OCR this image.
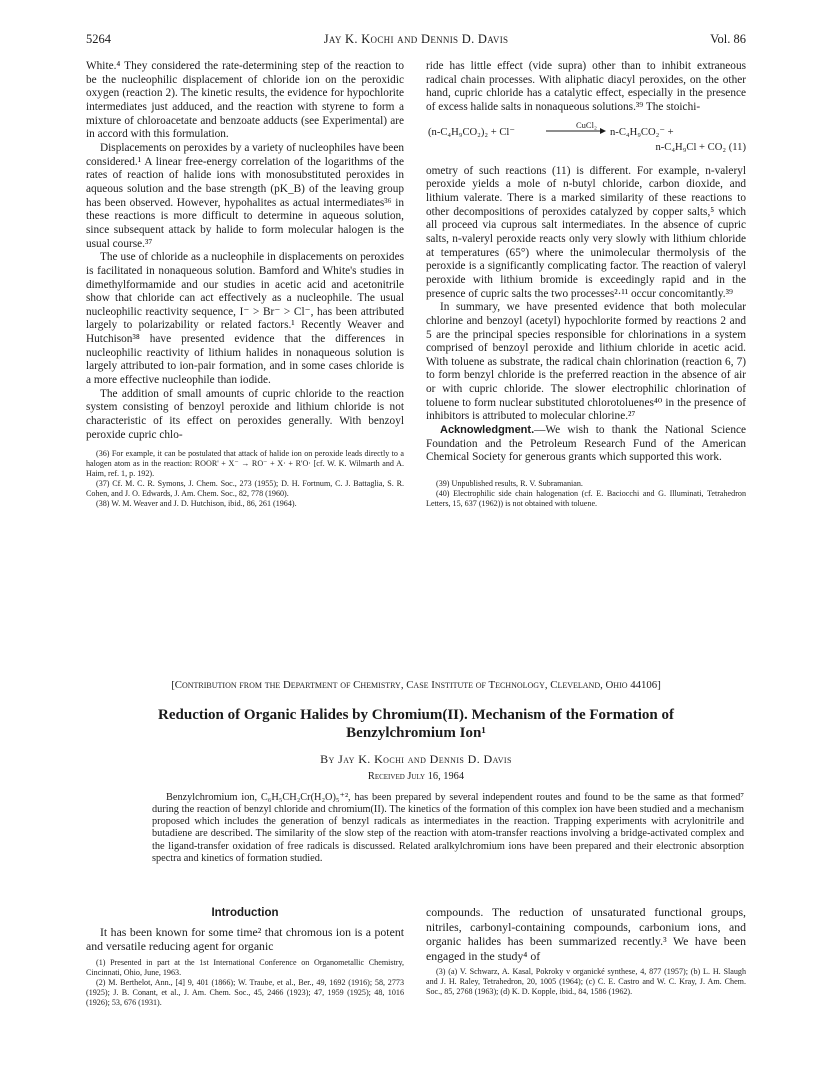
5264	Jay K. Kochi and Dennis D. Davis	Vol. 86

White.⁴ They considered the rate-determining step of the reaction to be the nucleophilic displacement of chloride ion on the peroxidic oxygen (reaction 2). The kinetic results, the evidence for hypochlorite intermediates just adduced, and the reaction with styrene to form a mixture of chloroacetate and benzoate adducts (see Experimental) are in accord with this formulation.

Displacements on peroxides by a variety of nucleophiles have been considered.¹ A linear free-energy correlation of the logarithms of the rates of reaction of halide ions with monosubstituted peroxides in aqueous solution and the base strength (pK_B) of the leaving group has been observed. However, hypohalites as actual intermediates³⁶ in these reactions is more difficult to determine in aqueous solution, since subsequent attack by halide to form molecular halogen is the usual course.³⁷

The use of chloride as a nucleophile in displacements on peroxides is facilitated in nonaqueous solution. Bamford and White's studies in dimethylformamide and our studies in acetic acid and acetonitrile show that chloride can act effectively as a nucleophile. The usual nucleophilic reactivity sequence, I⁻ > Br⁻ > Cl⁻, has been attributed largely to polarizability or related factors.¹ Recently Weaver and Hutchison³⁸ have presented evidence that the differences in nucleophilic reactivity of lithium halides in nonaqueous solution is largely attributed to ion-pair formation, and in some cases chloride is a more effective nucleophile than iodide.

The addition of small amounts of cupric chloride to the reaction system consisting of benzoyl peroxide and lithium chloride is not characteristic of its effect on peroxides generally. With benzoyl peroxide cupric chlo-

(36) For example, it can be postulated that attack of halide ion on peroxide leads directly to a halogen atom as in the reaction: ROOR' + X⁻ → RO⁻ + X· + R'O· [cf. W. K. Wilmarth and A. Haim, ref. 1, p. 192).
(37) Cf. M. C. R. Symons, J. Chem. Soc., 273 (1955); D. H. Fortnum, C. J. Battaglia, S. R. Cohen, and J. O. Edwards, J. Am. Chem. Soc., 82, 778 (1960).
(38) W. M. Weaver and J. D. Hutchison, ibid., 86, 261 (1964).

ride has little effect (vide supra) other than to inhibit extraneous radical chain processes. With aliphatic diacyl peroxides, on the other hand, cupric chloride has a catalytic effect, especially in the presence of excess halide salts in nonaqueous solutions.³⁹ The stoichi-

CuCl₂
(n-C₄H₉CO₂)₂ + Cl⁻	n-C₄H₉CO₂⁻ +
n-C₄H₉Cl + CO₂ (11)

ometry of such reactions (11) is different. For example, n-valeryl peroxide yields a mole of n-butyl chloride, carbon dioxide, and lithium valerate. There is a marked similarity of these reactions to other decompositions of peroxides catalyzed by copper salts,⁵ which all proceed via cuprous salt intermediates. In the absence of cupric salts, n-valeryl peroxide reacts only very slowly with lithium chloride at temperatures (65°) where the unimolecular thermolysis of the peroxide is a significantly complicating factor. The reaction of valeryl peroxide with lithium bromide is exceedingly rapid and in the presence of cupric salts the two processes²·¹¹ occur concomitantly.³⁹

In summary, we have presented evidence that both molecular chlorine and benzoyl (acetyl) hypochlorite formed by reactions 2 and 5 are the principal species responsible for chlorinations in a system comprised of benzoyl peroxide and lithium chloride in acetic acid. With toluene as substrate, the radical chain chlorination (reaction 6, 7) to form benzyl chloride is the preferred reaction in the absence of air or with cupric chloride. The slower electrophilic chlorination of toluene to form nuclear substituted chlorotoluenes⁴⁰ in the presence of inhibitors is attributed to molecular chlorine.²⁷

Acknowledgment.—We wish to thank the National Science Foundation and the Petroleum Research Fund of the American Chemical Society for generous grants which supported this work.

(39) Unpublished results, R. V. Subramanian.
(40) Electrophilic side chain halogenation (cf. E. Baciocchi and G. Illuminati, Tetrahedron Letters, 15, 637 (1962)) is not obtained with toluene.
[Contribution from the Department of Chemistry, Case Institute of Technology, Cleveland, Ohio 44106]
Reduction of Organic Halides by Chromium(II). Mechanism of the Formation of
Benzylchromium Ion¹
By Jay K. Kochi and Dennis D. Davis
Received July 16, 1964

Benzylchromium ion, C₆H₅CH₂Cr(H₂O)₅⁺², has been prepared by several independent routes and found to be the same as that formed⁷ during the reaction of benzyl chloride and chromium(II). The kinetics of the formation of this complex ion have been studied and a mechanism proposed which includes the generation of benzyl radicals as intermediates in the reaction. Trapping experiments with acrylonitrile and butadiene are described. The similarity of the slow step of the reaction with atom-transfer reactions involving a bridge-activated complex and the ligand-transfer oxidation of free radicals is discussed. Related aralkylchromium ions have been prepared and their electronic absorption spectra and kinetics of formation studied.

Introduction

It has been known for some time² that chromous ion is a potent and versatile reducing agent for organic

(1) Presented in part at the 1st International Conference on Organometallic Chemistry, Cincinnati, Ohio, June, 1963.
(2) M. Berthelot, Ann., [4] 9, 401 (1866); W. Traube, et al., Ber., 49, 1692 (1916); 58, 2773 (1925); J. B. Conant, et al., J. Am. Chem. Soc., 45, 2466 (1923); 47, 1959 (1925); 48, 1016 (1926); 53, 676 (1931).

compounds. The reduction of unsaturated functional groups, nitriles, carbonyl-containing compounds, carbonium ions, and organic halides has been summarized recently.³ We have been engaged in the study⁴ of

(3) (a) V. Schwarz, A. Kasal, Pokroky v organické synthese, 4, 877 (1957); (b) L. H. Slaugh and J. H. Raley, Tetrahedron, 20, 1005 (1964); (c) C. E. Castro and W. C. Kray, J. Am. Chem. Soc., 85, 2768 (1963); (d) K. D. Kopple, ibid., 84, 1586 (1962).
